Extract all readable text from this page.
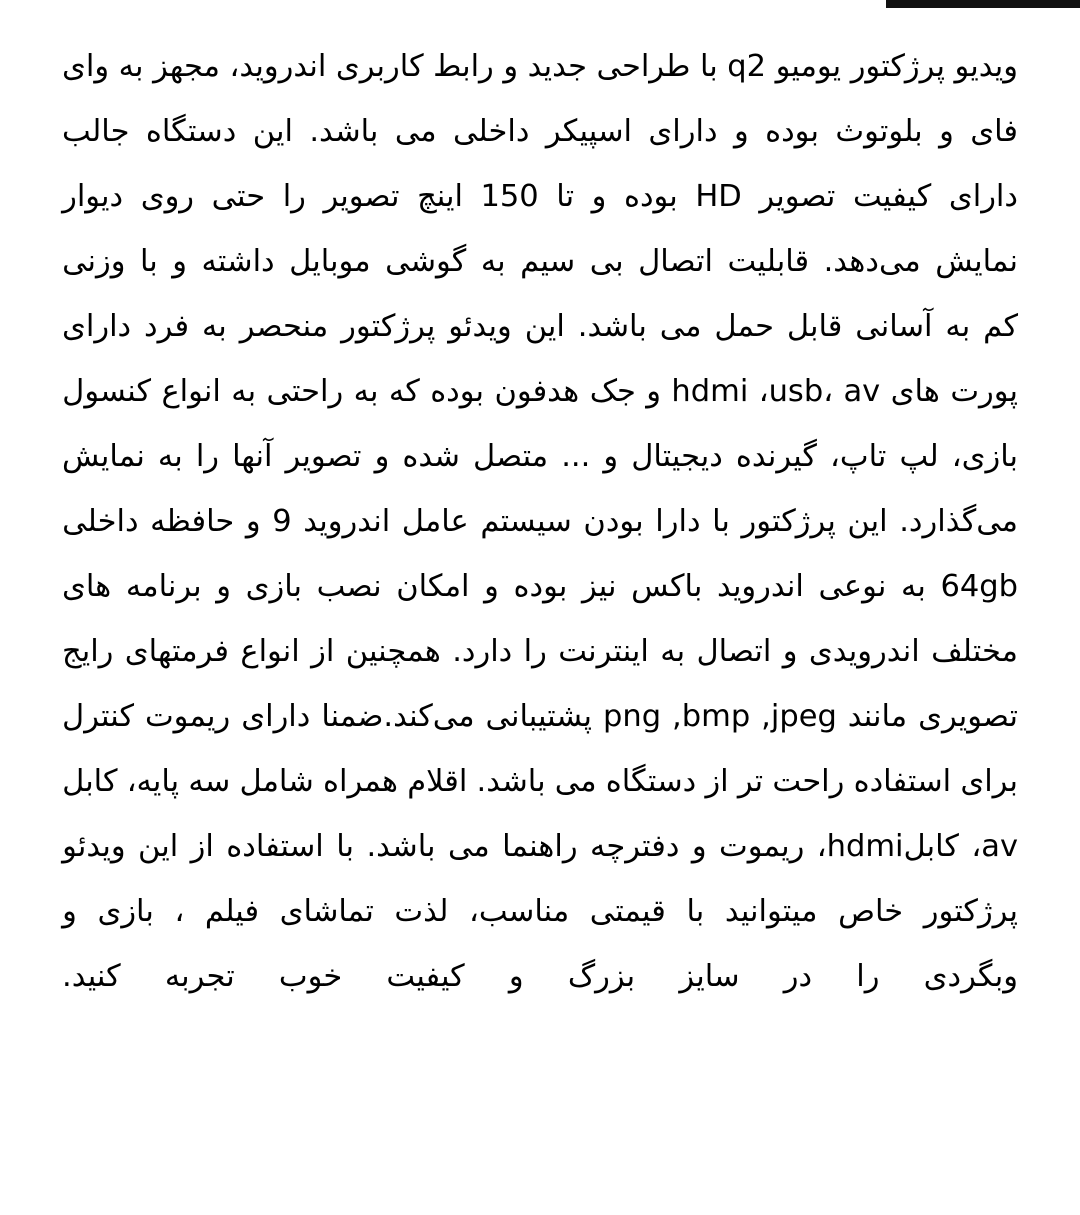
ویدیو
پرژکتور
یومیو
q2
با
طراحی
جدید
و
رابط
کاربری
اندروید،
مجهز
به
وای
فای
و
بلوتوث
بوده
و
دارای
اسپیکر
داخلی
می
باشد.
این
دستگاه
جالب
دارای
کیفیت
تصویر
HD
بوده
و
تا
150
اینچ
تصویر
را
حتی
روی
دیوار
نمایش
می‌دهد.
قابلیت
اتصال
بی
سیم
به
گوشی
موبایل
داشته
و
با
وزنی
کم
به
آسانی
قابل
حمل
می
باشد.
این
ویدئو
پرژکتور
منحصر
به
فرد
دارای
پورت
های
av
،usb،
hdmi
و
جک
هدفون
بوده
که
به
راحتی
به
انواع
کنسول
بازی،
لپ
تاپ،
گیرنده
دیجیتال
و
...
متصل
شده
و
تصویر
آنها
را
به
نمایش
می‌گذارد.
این
پرژکتور
با
دارا
بودن
سیستم
عامل
اندروید
9
و
حافظه
داخلی
64gb
به
نوعی
اندروید
باکس
نیز
بوده
و
امکان
نصب
بازی
و
برنامه
های
مختلف
اندرویدی
و
اتصال
به
اینترنت
را
دارد.
همچنین
از
انواع
فرمتهای
رایج
تصویری
مانند
jpeg,
bmp,
png
پشتیبانی
می‌کند.ضمنا
دارای
ریموت
کنترل
برای
استفاده
راحت
تر
از
دستگاه
می
باشد.
اقلام
همراه
شامل
سه
پایه،
کابل
av،
کابلhdmi،
ریموت
و
دفترچه
راهنما
می
باشد.
با
استفاده
از
این
ویدئو
پرژکتور
خاص
میتوانید
با
قیمتی
مناسب،
لذت
تماشای
فیلم
،
بازی
و
وبگردی را در سایز بزرگ و کیفیت خوب تجربه کنید.
